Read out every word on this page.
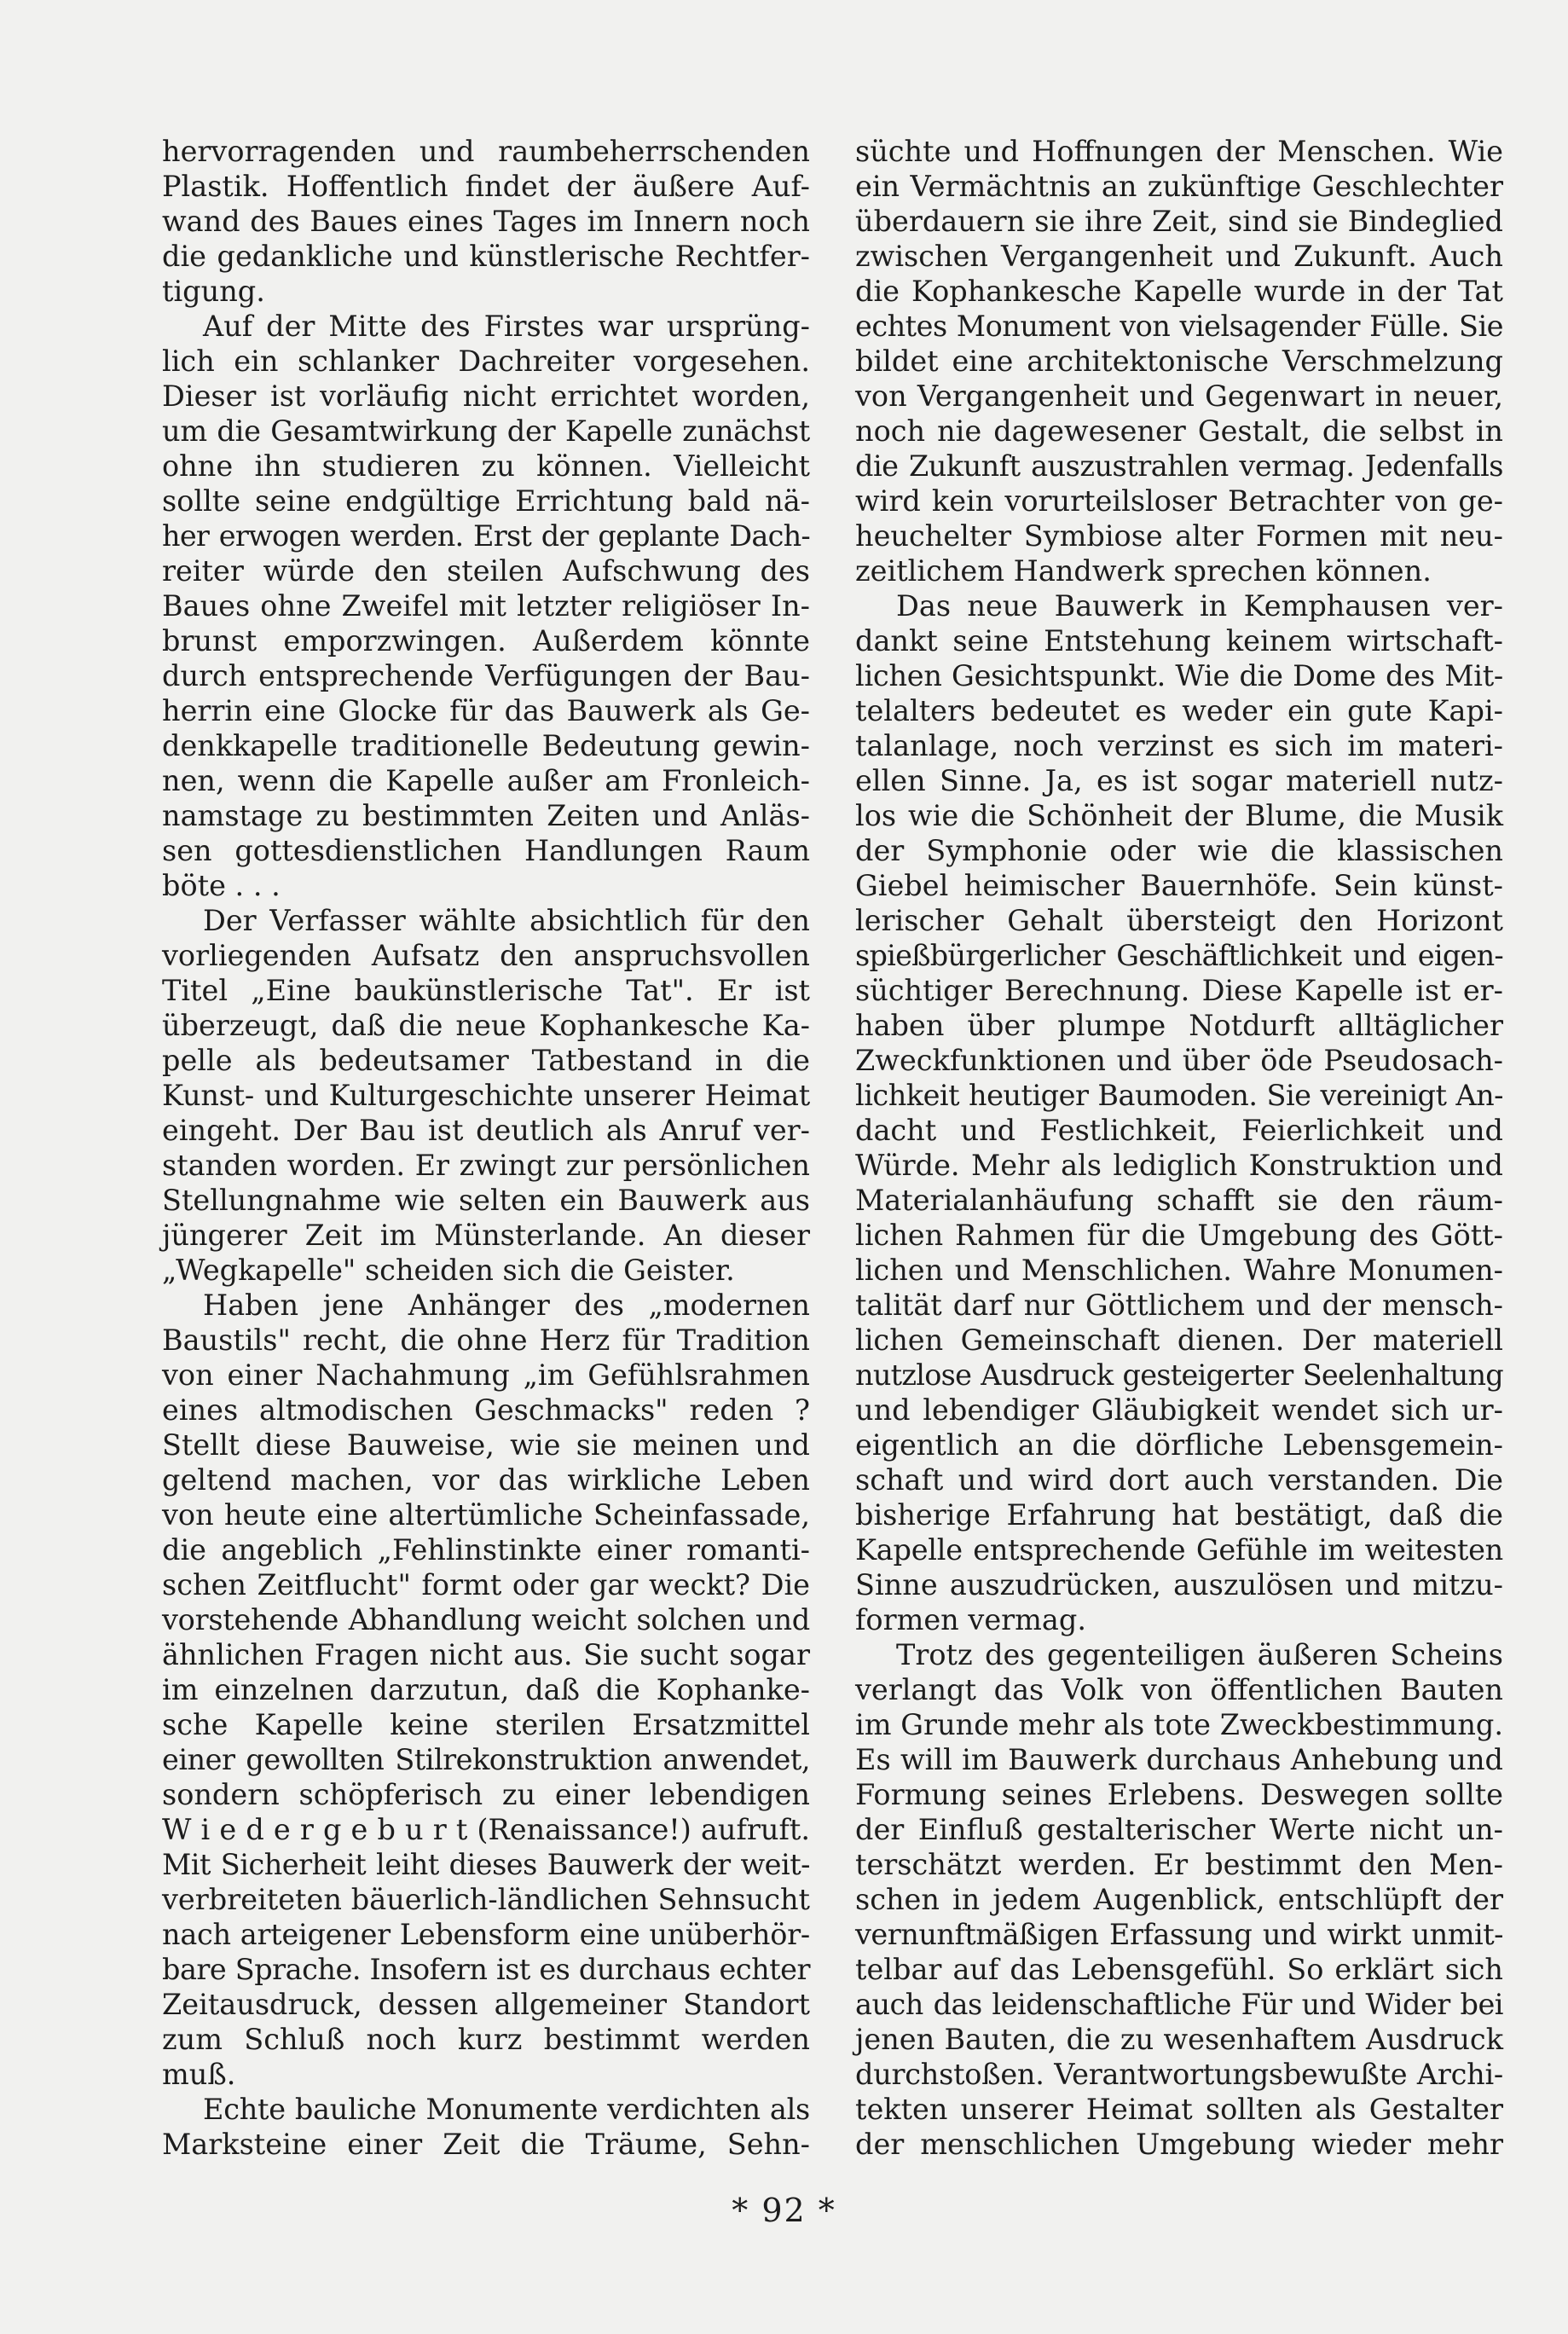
hervorragenden und raumbeherrschenden
Plastik. Hoffentlich findet der äußere Auf-
wand des Baues eines Tages im Innern noch
die gedankliche und künstlerische Rechtfer-
tigung.
Auf der Mitte des Firstes war ursprüng-
lich ein schlanker Dachreiter vorgesehen.
Dieser ist vorläufig nicht errichtet worden,
um die Gesamtwirkung der Kapelle zunächst
ohne ihn studieren zu können. Vielleicht
sollte seine endgültige Errichtung bald nä-
her erwogen werden. Erst der geplante Dach-
reiter würde den steilen Aufschwung des
Baues ohne Zweifel mit letzter religiöser In-
brunst emporzwingen. Außerdem könnte
durch entsprechende Verfügungen der Bau-
herrin eine Glocke für das Bauwerk als Ge-
denkkapelle traditionelle Bedeutung gewin-
nen, wenn die Kapelle außer am Fronleich-
namstage zu bestimmten Zeiten und Anläs-
sen gottesdienstlichen Handlungen Raum
böte . . .
Der Verfasser wählte absichtlich für den
vorliegenden Aufsatz den anspruchsvollen
Titel „Eine baukünstlerische Tat". Er ist
überzeugt, daß die neue Kophankesche Ka-
pelle als bedeutsamer Tatbestand in die
Kunst- und Kulturgeschichte unserer Heimat
eingeht. Der Bau ist deutlich als Anruf ver-
standen worden. Er zwingt zur persönlichen
Stellungnahme wie selten ein Bauwerk aus
jüngerer Zeit im Münsterlande. An dieser
„Wegkapelle" scheiden sich die Geister.
Haben jene Anhänger des „modernen
Baustils" recht, die ohne Herz für Tradition
von einer Nachahmung „im Gefühlsrahmen
eines altmodischen Geschmacks" reden ?
Stellt diese Bauweise, wie sie meinen und
geltend machen, vor das wirkliche Leben
von heute eine altertümliche Scheinfassade,
die angeblich „Fehlinstinkte einer romanti-
schen Zeitflucht" formt oder gar weckt? Die
vorstehende Abhandlung weicht solchen und
ähnlichen Fragen nicht aus. Sie sucht sogar
im einzelnen darzutun, daß die Kophanke-
sche Kapelle keine sterilen Ersatzmittel
einer gewollten Stilrekonstruktion anwendet,
sondern schöpferisch zu einer lebendigen
W i e d e r g e b u r t (Renaissance!) aufruft.
Mit Sicherheit leiht dieses Bauwerk der weit-
verbreiteten bäuerlich-ländlichen Sehnsucht
nach arteigener Lebensform eine unüberhör-
bare Sprache. Insofern ist es durchaus echter
Zeitausdruck, dessen allgemeiner Standort
zum Schluß noch kurz bestimmt werden
muß.
Echte bauliche Monumente verdichten als
Marksteine einer Zeit die Träume, Sehn-
süchte und Hoffnungen der Menschen. Wie
ein Vermächtnis an zukünftige Geschlechter
überdauern sie ihre Zeit, sind sie Bindeglied
zwischen Vergangenheit und Zukunft. Auch
die Kophankesche Kapelle wurde in der Tat
echtes Monument von vielsagender Fülle. Sie
bildet eine architektonische Verschmelzung
von Vergangenheit und Gegenwart in neuer,
noch nie dagewesener Gestalt, die selbst in
die Zukunft auszustrahlen vermag. Jedenfalls
wird kein vorurteilsloser Betrachter von ge-
heuchelter Symbiose alter Formen mit neu-
zeitlichem Handwerk sprechen können.
Das neue Bauwerk in Kemphausen ver-
dankt seine Entstehung keinem wirtschaft-
lichen Gesichtspunkt. Wie die Dome des Mit-
telalters bedeutet es weder ein gute Kapi-
talanlage, noch verzinst es sich im materi-
ellen Sinne. Ja, es ist sogar materiell nutz-
los wie die Schönheit der Blume, die Musik
der Symphonie oder wie die klassischen
Giebel heimischer Bauernhöfe. Sein künst-
lerischer Gehalt übersteigt den Horizont
spießbürgerlicher Geschäftlichkeit und eigen-
süchtiger Berechnung. Diese Kapelle ist er-
haben über plumpe Notdurft alltäglicher
Zweckfunktionen und über öde Pseudosach-
lichkeit heutiger Baumoden. Sie vereinigt An-
dacht und Festlichkeit, Feierlichkeit und
Würde. Mehr als lediglich Konstruktion und
Materialanhäufung schafft sie den räum-
lichen Rahmen für die Umgebung des Gött-
lichen und Menschlichen. Wahre Monumen-
talität darf nur Göttlichem und der mensch-
lichen Gemeinschaft dienen. Der materiell
nutzlose Ausdruck gesteigerter Seelenhaltung
und lebendiger Gläubigkeit wendet sich ur-
eigentlich an die dörfliche Lebensgemein-
schaft und wird dort auch verstanden. Die
bisherige Erfahrung hat bestätigt, daß die
Kapelle entsprechende Gefühle im weitesten
Sinne auszudrücken, auszulösen und mitzu-
formen vermag.
Trotz des gegenteiligen äußeren Scheins
verlangt das Volk von öffentlichen Bauten
im Grunde mehr als tote Zweckbestimmung.
Es will im Bauwerk durchaus Anhebung und
Formung seines Erlebens. Deswegen sollte
der Einfluß gestalterischer Werte nicht un-
terschätzt werden. Er bestimmt den Men-
schen in jedem Augenblick, entschlüpft der
vernunftmäßigen Erfassung und wirkt unmit-
telbar auf das Lebensgefühl. So erklärt sich
auch das leidenschaftliche Für und Wider bei
jenen Bauten, die zu wesenhaftem Ausdruck
durchstoßen. Verantwortungsbewußte Archi-
tekten unserer Heimat sollten als Gestalter
der menschlichen Umgebung wieder mehr
* 92 *
